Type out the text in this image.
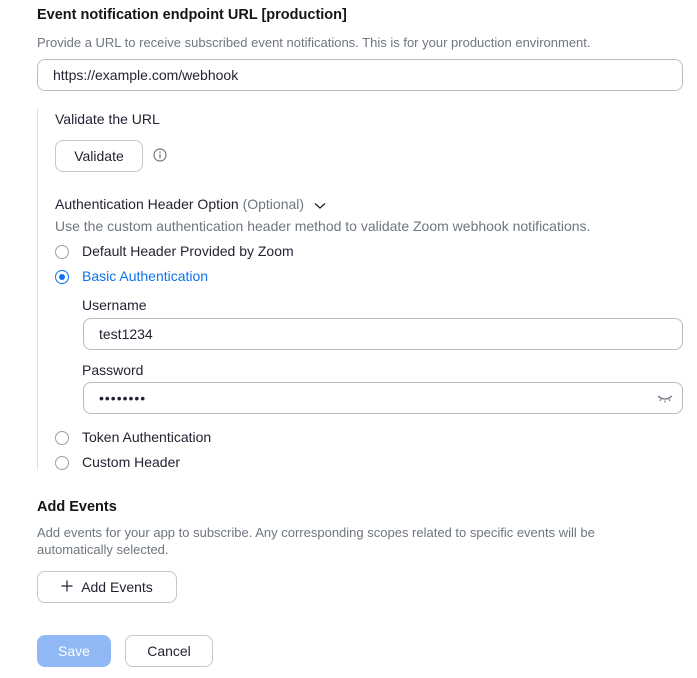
Event notification endpoint URL [production]
Provide a URL to receive subscribed event notifications. This is for your production environment.
https://example.com/webhook
Validate the URL
Validate
Authentication Header Option (Optional)
Use the custom authentication header method to validate Zoom webhook notifications.
Default Header Provided by Zoom
Basic Authentication
Username
test1234
Password
••••••••
Token Authentication
Custom Header
Add Events
Add events for your app to subscribe. Any corresponding scopes related to specific events will be automatically selected.
Add Events
Save	Cancel
